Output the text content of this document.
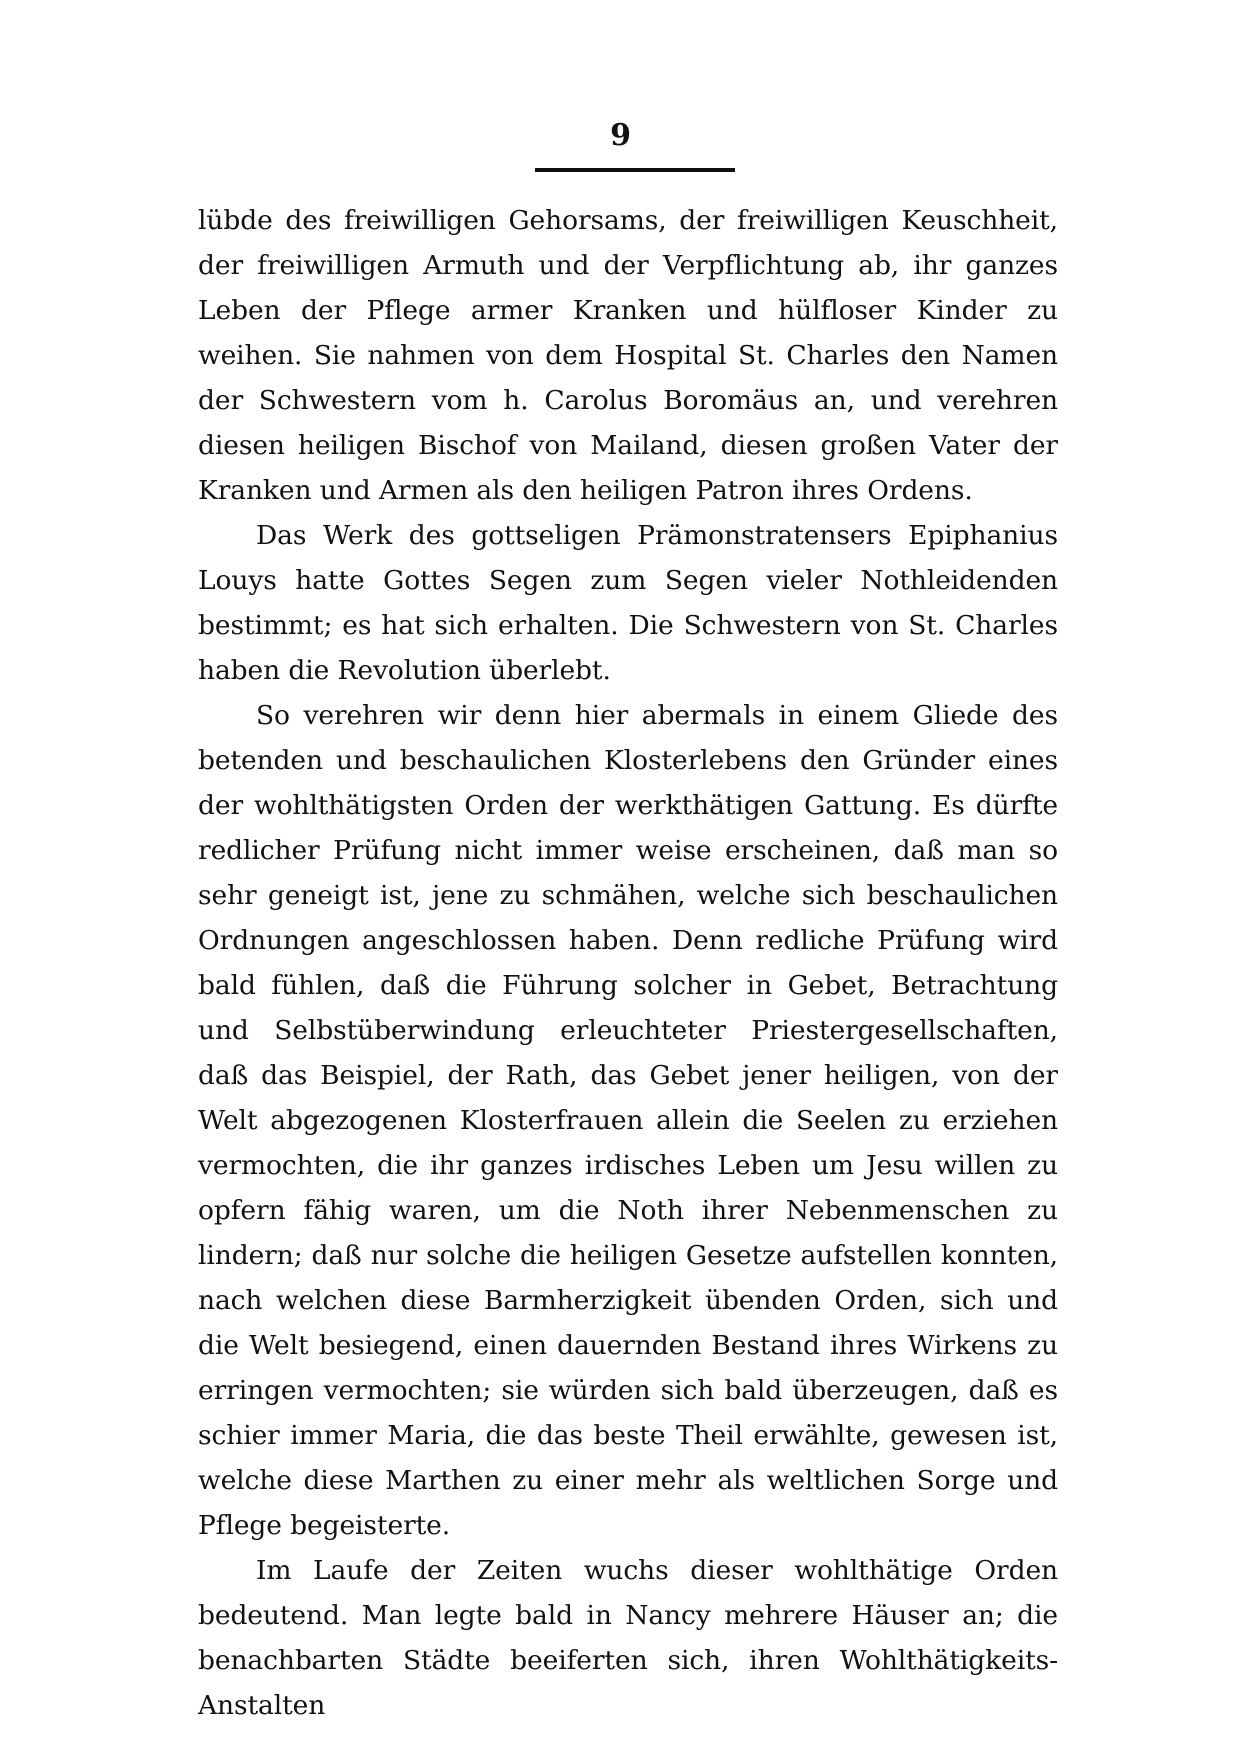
9

lübde des freiwilligen Gehorsams, der freiwilligen Keuschheit, der freiwilligen Armuth und der Verpflichtung ab, ihr ganzes Leben der Pflege armer Kranken und hülfloser Kinder zu weihen. Sie nahmen von dem Hospital St. Charles den Namen der Schwestern vom h. Carolus Boromäus an, und verehren diesen heiligen Bischof von Mailand, diesen großen Vater der Kranken und Armen als den heiligen Patron ihres Ordens.

Das Werk des gottseligen Prämonstratensers Epiphanius Louys hatte Gottes Segen zum Segen vieler Nothleidenden bestimmt; es hat sich erhalten. Die Schwestern von St. Charles haben die Revolution überlebt.

So verehren wir denn hier abermals in einem Gliede des betenden und beschaulichen Klosterlebens den Gründer eines der wohlthätigsten Orden der werkthätigen Gattung. Es dürfte redlicher Prüfung nicht immer weise erscheinen, daß man so sehr geneigt ist, jene zu schmähen, welche sich beschaulichen Ordnungen angeschlossen haben. Denn redliche Prüfung wird bald fühlen, daß die Führung solcher in Gebet, Betrachtung und Selbstüberwindung erleuchteter Priestergesellschaften, daß das Beispiel, der Rath, das Gebet jener heiligen, von der Welt abgezogenen Klosterfrauen allein die Seelen zu erziehen vermochten, die ihr ganzes irdisches Leben um Jesu willen zu opfern fähig waren, um die Noth ihrer Nebenmenschen zu lindern; daß nur solche die heiligen Gesetze aufstellen konnten, nach welchen diese Barmherzigkeit übenden Orden, sich und die Welt besiegend, einen dauernden Bestand ihres Wirkens zu erringen vermochten; sie würden sich bald überzeugen, daß es schier immer Maria, die das beste Theil erwählte, gewesen ist, welche diese Marthen zu einer mehr als weltlichen Sorge und Pflege begeisterte.

Im Laufe der Zeiten wuchs dieser wohlthätige Orden bedeutend. Man legte bald in Nancy mehrere Häuser an; die benachbarten Städte beeiferten sich, ihren Wohlthätigkeits-Anstalten
